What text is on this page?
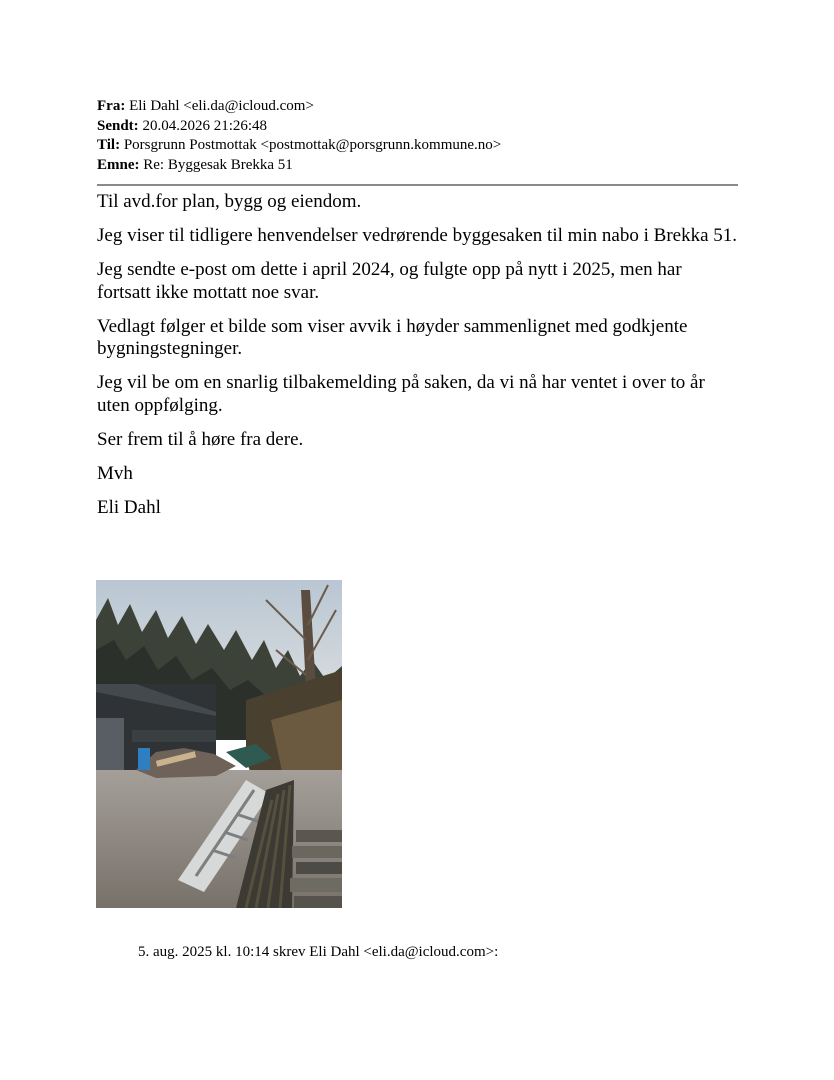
Fra: Eli Dahl <eli.da@icloud.com>
Sendt: 20.04.2026 21:26:48
Til: Porsgrunn Postmottak <postmottak@porsgrunn.kommune.no>
Emne: Re: Byggesak Brekka 51

Til avd.for plan, bygg og eiendom.

Jeg viser til tidligere henvendelser vedrørende byggesaken til min nabo i Brekka 51.

Jeg sendte e-post om dette i april 2024, og fulgte opp på nytt i 2025, men har fortsatt ikke mottatt noe svar.

Vedlagt følger et bilde som viser avvik i høyder sammenlignet med godkjente bygningstegninger.

Jeg vil be om en snarlig tilbakemelding på saken, da vi nå har ventet i over to år uten oppfølging.

Ser frem til å høre fra dere.

Mvh

Eli Dahl

5. aug. 2025 kl. 10:14 skrev Eli Dahl <eli.da@icloud.com>:
